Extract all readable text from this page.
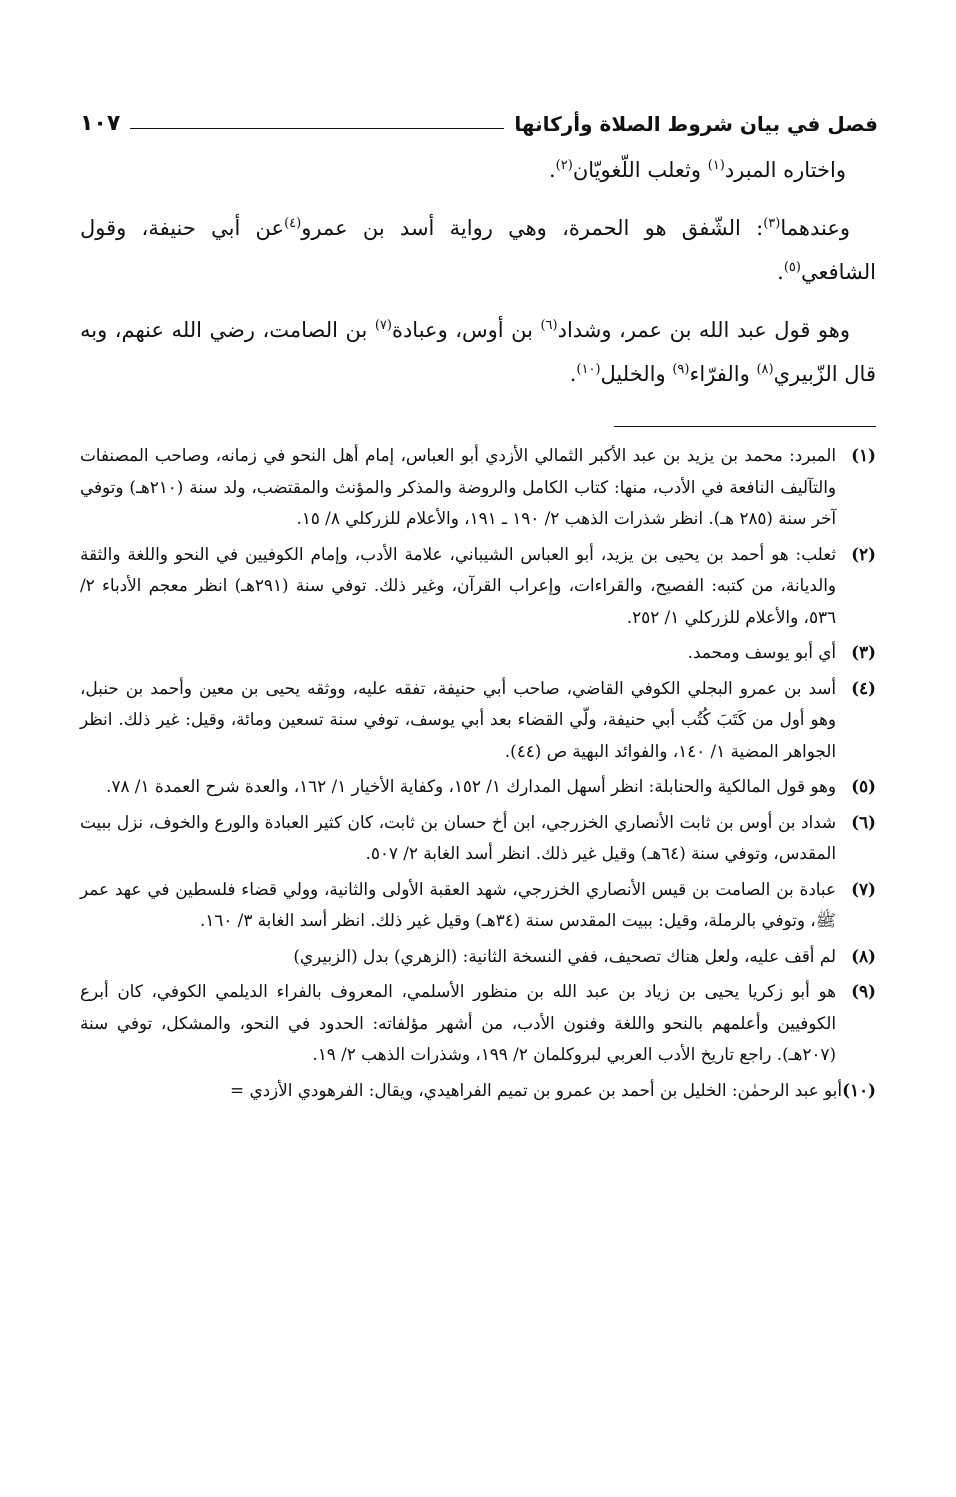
فصل في بيان شروط الصلاة وأركانها
١٠٧

واختاره المبرد$^{(١)}$ وثعلب اللّغويّان$^{(٢)}$.

وعندهما$^{(٣)}$: الشّفق هو الحمرة، وهي رواية أسد بن عمرو$^{(٤)}$عن أبي حنيفة، وقول الشافعي$^{(٥)}$.

وهو قول عبد الله بن عمر، وشداد$^{(٦)}$ بن أوس، وعبادة$^{(٧)}$ بن الصامت، رضي الله عنهم، وبه قال الزّبيري$^{(٨)}$ والفرّاء$^{(٩)}$ والخليل$^{(١٠)}$.

(١)
المبرد: محمد بن يزيد بن عبد الأكبر الثمالي الأزدي أبو العباس، إمام أهل النحو في زمانه، وصاحب المصنفات والتآليف النافعة في الأدب، منها: كتاب الكامل والروضة والمذكر والمؤنث والمقتضب، ولد سنة (٢١٠هـ) وتوفي آخر سنة (٢٨٥ هـ). انظر شذرات الذهب ٢/ ١٩٠ ـ ١٩١، والأعلام للزركلي ٨/ ١٥.
(٢)
ثعلب: هو أحمد بن يحيى بن يزيد، أبو العباس الشيباني، علامة الأدب، وإمام الكوفيين في النحو واللغة والثقة والديانة، من كتبه: الفصيح، والقراءات، وإعراب القرآن، وغير ذلك. توفي سنة (٢٩١هـ) انظر معجم الأدباء ٢/ ٥٣٦، والأعلام للزركلي ١/ ٢٥٢.
(٣)
أي أبو يوسف ومحمد.
(٤)
أسد بن عمرو البجلي الكوفي القاضي، صاحب أبي حنيفة، تفقه عليه، ووثقه يحيى بن معين وأحمد بن حنبل، وهو أول من كَتَبَ كُتُب أبي حنيفة، ولّي القضاء بعد أبي يوسف، توفي سنة تسعين ومائة، وقيل: غير ذلك. انظر الجواهر المضية ١/ ١٤٠، والفوائد البهية ص (٤٤).
(٥)
وهو قول المالكية والحنابلة: انظر أسهل المدارك ١/ ١٥٢، وكفاية الأخيار ١/ ١٦٢، والعدة شرح العمدة ١/ ٧٨.
(٦)
شداد بن أوس بن ثابت الأنصاري الخزرجي، ابن أخ حسان بن ثابت، كان كثير العبادة والورع والخوف، نزل ببيت المقدس، وتوفي سنة (٦٤هـ) وقيل غير ذلك. انظر أسد الغابة ٢/ ٥٠٧.
(٧)
عبادة بن الصامت بن قيس الأنصاري الخزرجي، شهد العقبة الأولى والثانية، وولي قضاء فلسطين في عهد عمر ﷺ، وتوفي بالرملة، وقيل: ببيت المقدس سنة (٣٤هـ) وقيل غير ذلك. انظر أسد الغابة ٣/ ١٦٠.
(٨)
لم أقف عليه، ولعل هناك تصحيف، ففي النسخة الثانية: (الزهري) بدل (الزبيري)
(٩)
هو أبو زكريا يحيى بن زياد بن عبد الله بن منظور الأسلمي، المعروف بالفراء الديلمي الكوفي، كان أبرع الكوفيين وأعلمهم بالنحو واللغة وفنون الأدب، من أشهر مؤلفاته: الحدود في النحو، والمشكل، توفي سنة (٢٠٧هـ). راجع تاريخ الأدب العربي لبروكلمان ٢/ ١٩٩، وشذرات الذهب ٢/ ١٩.
(١٠)
أبو عبد الرحمٰن: الخليل بن أحمد بن عمرو بن تميم الفراهيدي، ويقال: الفرهودي الأزدي =
